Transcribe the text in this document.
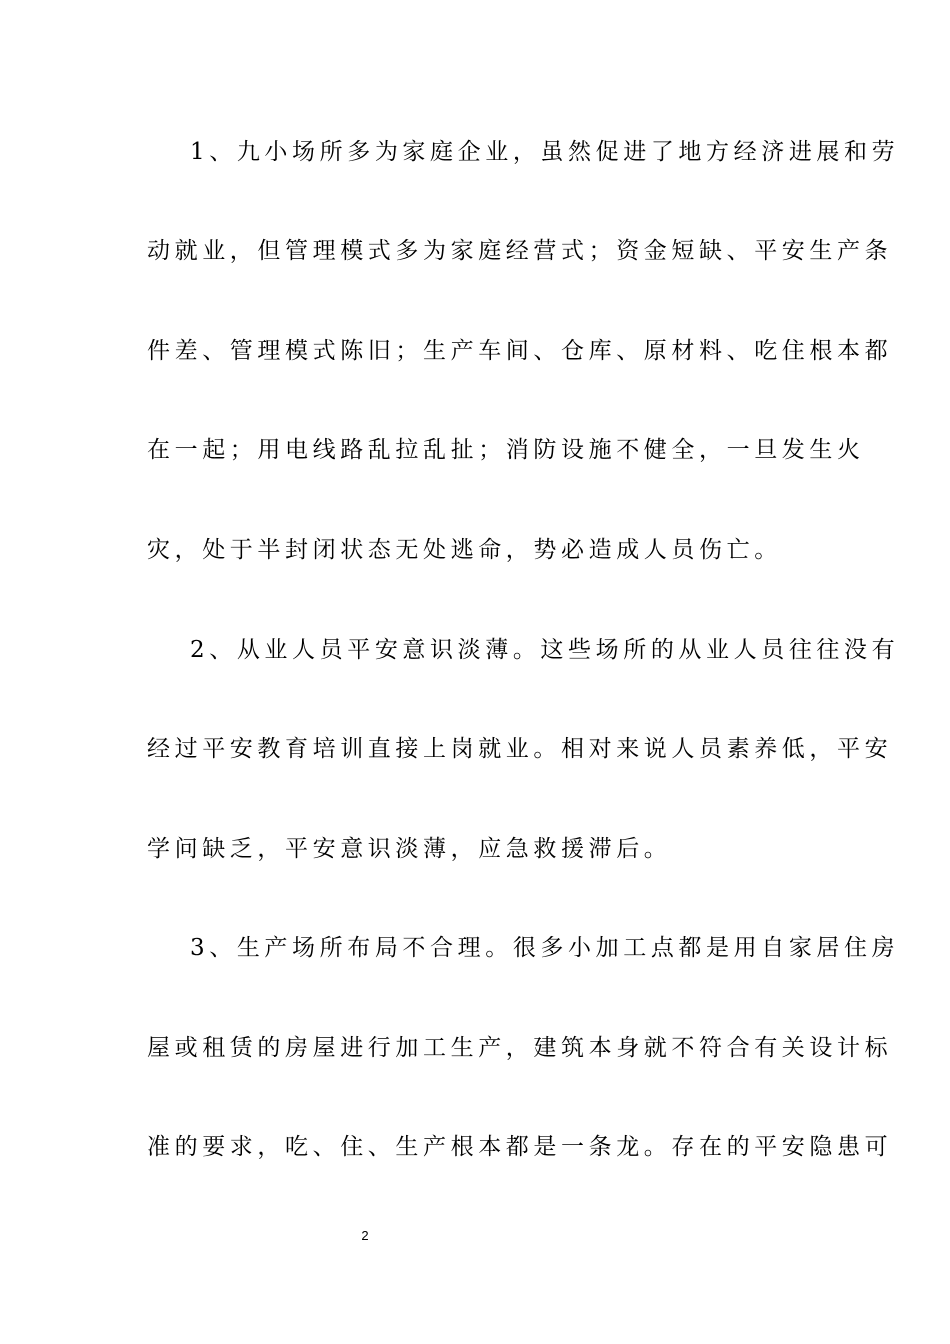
1、九小场所多为家庭企业，虽然促进了地方经济进展和劳
动就业，但管理模式多为家庭经营式；资金短缺、平安生产条
件差、管理模式陈旧；生产车间、仓库、原材料、吃住根本都
在一起；用电线路乱拉乱扯；消防设施不健全，一旦发生火
灾，处于半封闭状态无处逃命，势必造成人员伤亡。
2、从业人员平安意识淡薄。这些场所的从业人员往往没有
经过平安教育培训直接上岗就业。相对来说人员素养低，平安
学问缺乏，平安意识淡薄，应急救援滞后。
3、生产场所布局不合理。很多小加工点都是用自家居住房
屋或租赁的房屋进行加工生产，建筑本身就不符合有关设计标
准的要求，吃、住、生产根本都是一条龙。存在的平安隐患可
2
